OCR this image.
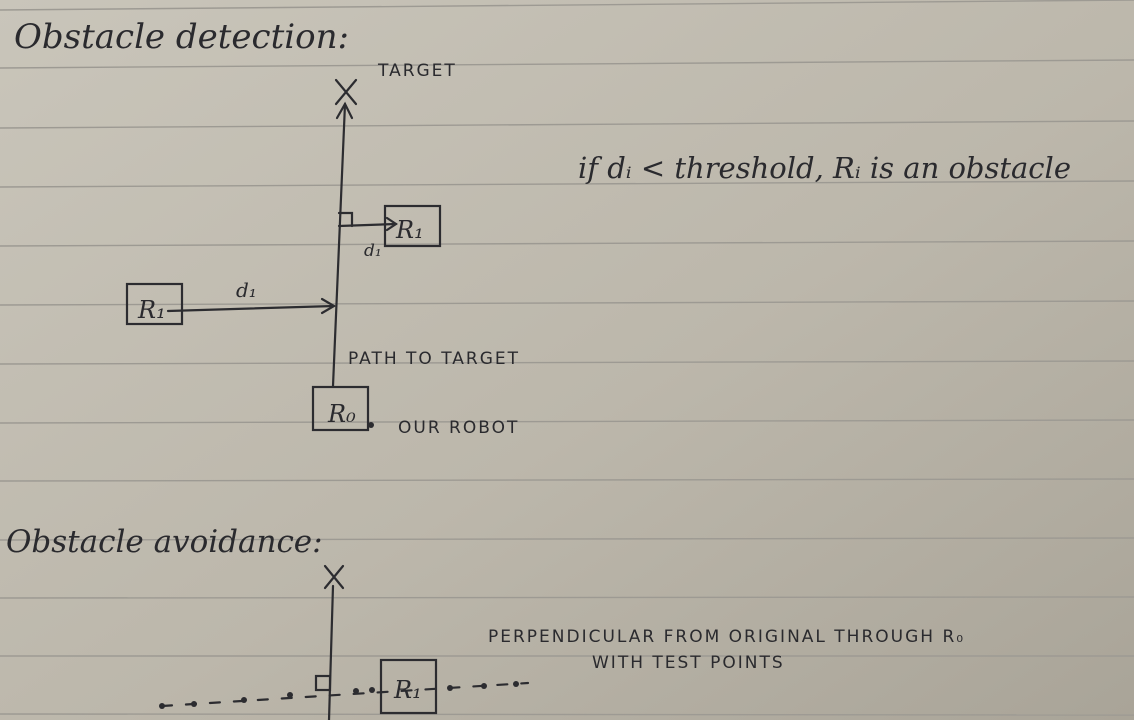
Obstacle detection:
TARGET
if dᵢ < threshold, Rᵢ is an obstacle
R₁
d₁
R₁
d₁
PATH TO TARGET
R₀ OUR ROBOT
Obstacle avoidance:
PERPENDICULAR FROM ORIGINAL THROUGH R₀
WITH TEST POINTS
R₁
